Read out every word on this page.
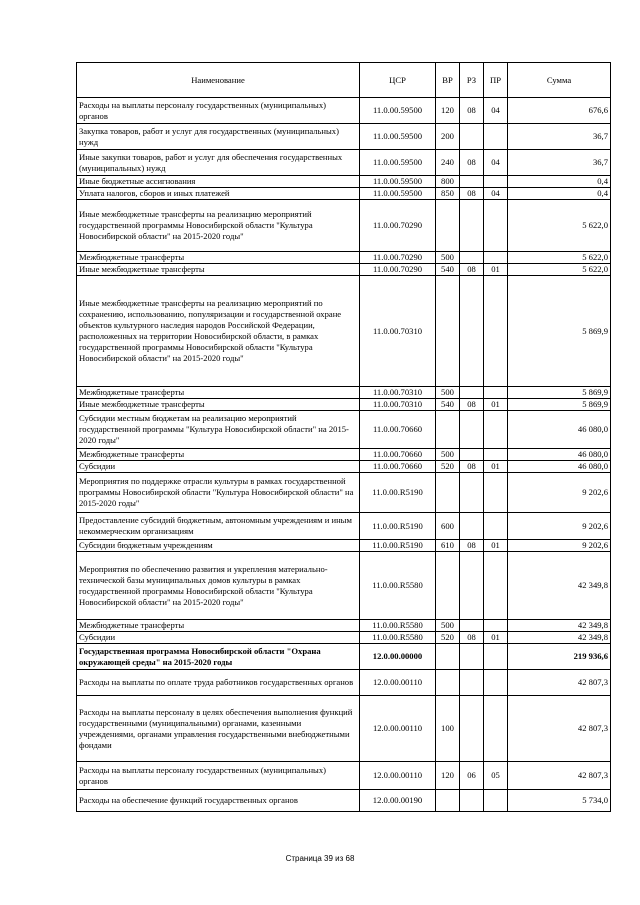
Наименование	ЦСР	ВР	РЗ	ПР	Сумма
Расходы на выплаты персоналу государственных (муниципальных) органов	11.0.00.59500	120	08	04	676,6
Закупка товаров, работ и услуг для государственных (муниципальных) нужд	11.0.00.59500	200			36,7
Иные закупки товаров, работ и услуг для обеспечения государственных (муниципальных) нужд	11.0.00.59500	240	08	04	36,7
Иные бюджетные ассигнования	11.0.00.59500	800			0,4
Уплата налогов, сборов и иных платежей	11.0.00.59500	850	08	04	0,4
Иные межбюджетные трансферты на реализацию мероприятий государственной программы Новосибирской области "Культура Новосибирской области" на 2015-2020 годы"	11.0.00.70290				5 622,0
Межбюджетные трансферты	11.0.00.70290	500			5 622,0
Иные межбюджетные трансферты	11.0.00.70290	540	08	01	5 622,0
Иные межбюджетные трансферты на реализацию мероприятий по сохранению, использованию, популяризации и государственной охране объектов культурного наследия народов Российской Федерации, расположенных на территории Новосибирской области, в рамках государственной программы Новосибирской области "Культура Новосибирской области" на 2015-2020 годы"	11.0.00.70310				5 869,9
Межбюджетные трансферты	11.0.00.70310	500			5 869,9
Иные межбюджетные трансферты	11.0.00.70310	540	08	01	5 869,9
Субсидии местным бюджетам на реализацию мероприятий государственной программы "Культура Новосибирской области" на 2015-2020 годы"	11.0.00.70660				46 080,0
Межбюджетные трансферты	11.0.00.70660	500			46 080,0
Субсидии	11.0.00.70660	520	08	01	46 080,0
Мероприятия по поддержке отрасли культуры в рамках государственной программы Новосибирской области "Культура Новосибирской области" на 2015-2020 годы"	11.0.00.R5190				9 202,6
Предоставление субсидий бюджетным, автономным учреждениям и иным некоммерческим организациям	11.0.00.R5190	600			9 202,6
Субсидии бюджетным учреждениям	11.0.00.R5190	610	08	01	9 202,6
Мероприятия по обеспечению развития и укрепления материально-технической базы муниципальных домов культуры в рамках государственной программы Новосибирской области "Культура Новосибирской области" на 2015-2020 годы"	11.0.00.R5580				42 349,8
Межбюджетные трансферты	11.0.00.R5580	500			42 349,8
Субсидии	11.0.00.R5580	520	08	01	42 349,8
Государственная программа Новосибирской области "Охрана окружающей среды" на 2015-2020 годы	12.0.00.00000				219 936,6
Расходы на выплаты по оплате труда работников государственных органов	12.0.00.00110				42 807,3
Расходы на выплаты персоналу в целях обеспечения выполнения функций государственными (муниципальными) органами, казенными учреждениями, органами управления государственными внебюджетными фондами	12.0.00.00110	100			42 807,3
Расходы на выплаты персоналу государственных (муниципальных) органов	12.0.00.00110	120	06	05	42 807,3
Расходы на обеспечение функций государственных органов	12.0.00.00190				5 734,0
Страница 39 из 68
